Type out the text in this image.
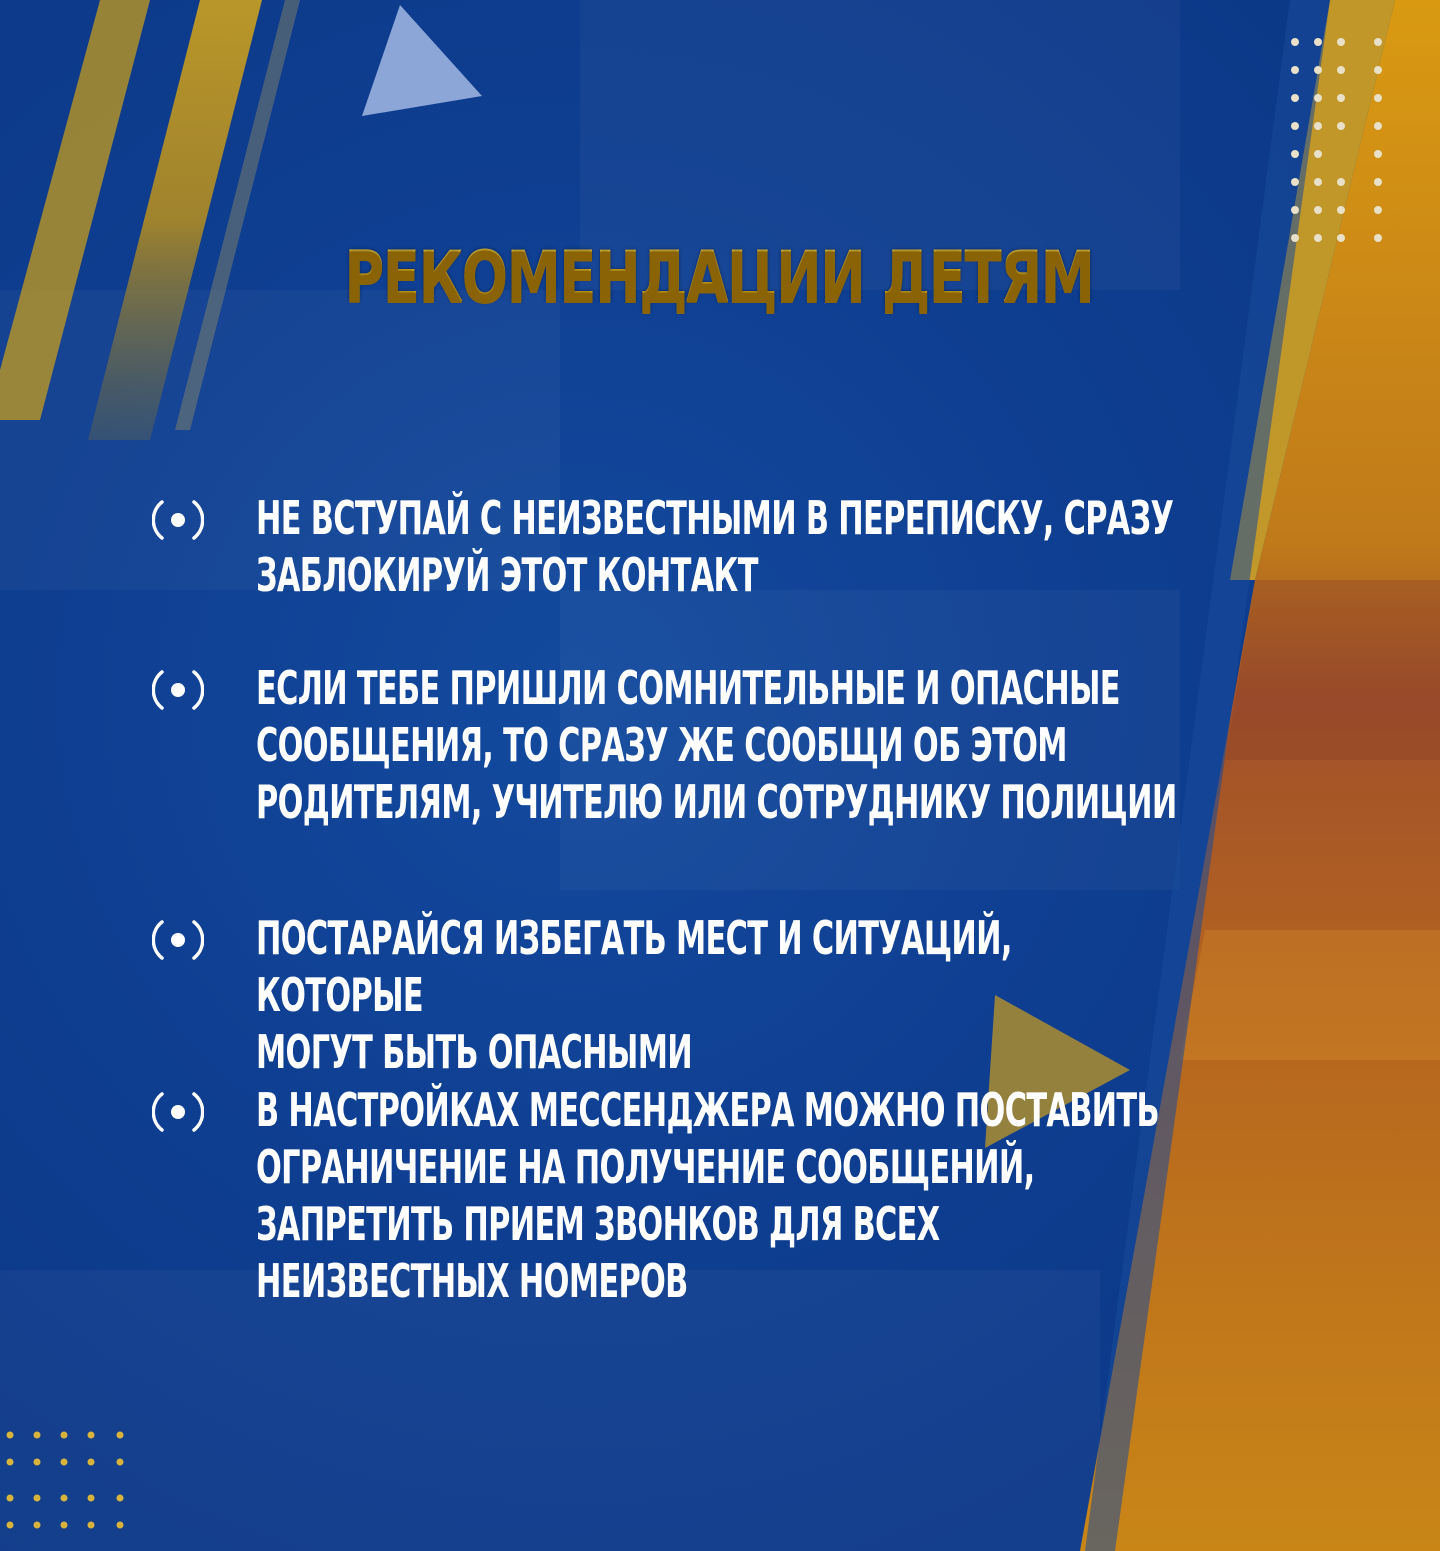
РЕКОМЕНДАЦИИ ДЕТЯМ
НЕ ВСТУПАЙ С НЕИЗВЕСТНЫМИ В ПЕРЕПИСКУ, СРАЗУ
ЗАБЛОКИРУЙ ЭТОТ КОНТАКТ
ЕСЛИ ТЕБЕ ПРИШЛИ СОМНИТЕЛЬНЫЕ И ОПАСНЫЕ
СООБЩЕНИЯ, ТО СРАЗУ ЖЕ СООБЩИ ОБ ЭТОМ
РОДИТЕЛЯМ, УЧИТЕЛЮ ИЛИ СОТРУДНИКУ ПОЛИЦИИ
ПОСТАРАЙСЯ ИЗБЕГАТЬ МЕСТ И СИТУАЦИЙ, КОТОРЫЕ
МОГУТ БЫТЬ ОПАСНЫМИ
В НАСТРОЙКАХ МЕССЕНДЖЕРА МОЖНО ПОСТАВИТЬ
ОГРАНИЧЕНИЕ НА ПОЛУЧЕНИЕ СООБЩЕНИЙ,
ЗАПРЕТИТЬ ПРИЕМ ЗВОНКОВ ДЛЯ ВСЕХ
НЕИЗВЕСТНЫХ НОМЕРОВ
